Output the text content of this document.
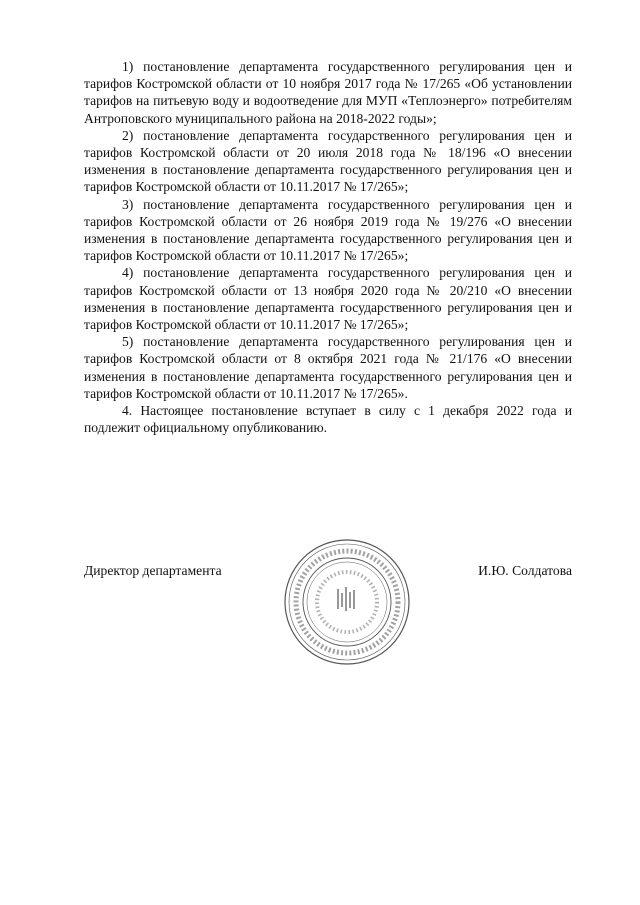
1) постановление департамента государственного регулирования цен и тарифов Костромской области от 10 ноября 2017 года № 17/265 «Об установлении тарифов на питьевую воду и водоотведение для МУП «Теплоэнерго» потребителям Антроповского муниципального района на 2018-2022 годы»;

2) постановление департамента государственного регулирования цен и тарифов Костромской области от 20 июля 2018 года № 18/196 «О внесении изменения в постановление департамента государственного регулирования цен и тарифов Костромской области от 10.11.2017 № 17/265»;

3) постановление департамента государственного регулирования цен и тарифов Костромской области от 26 ноября 2019 года № 19/276 «О внесении изменения в постановление департамента государственного регулирования цен и тарифов Костромской области от 10.11.2017 № 17/265»;

4) постановление департамента государственного регулирования цен и тарифов Костромской области от 13 ноября 2020 года № 20/210 «О внесении изменения в постановление департамента государственного регулирования цен и тарифов Костромской области от 10.11.2017 № 17/265»;

5) постановление департамента государственного регулирования цен и тарифов Костромской области от 8 октября 2021 года № 21/176 «О внесении изменения в постановление департамента государственного регулирования цен и тарифов Костромской области от 10.11.2017 № 17/265».

4. Настоящее постановление вступает в силу с 1 декабря 2022 года и подлежит официальному опубликованию.

Директор департамента	И.Ю. Солдатова
